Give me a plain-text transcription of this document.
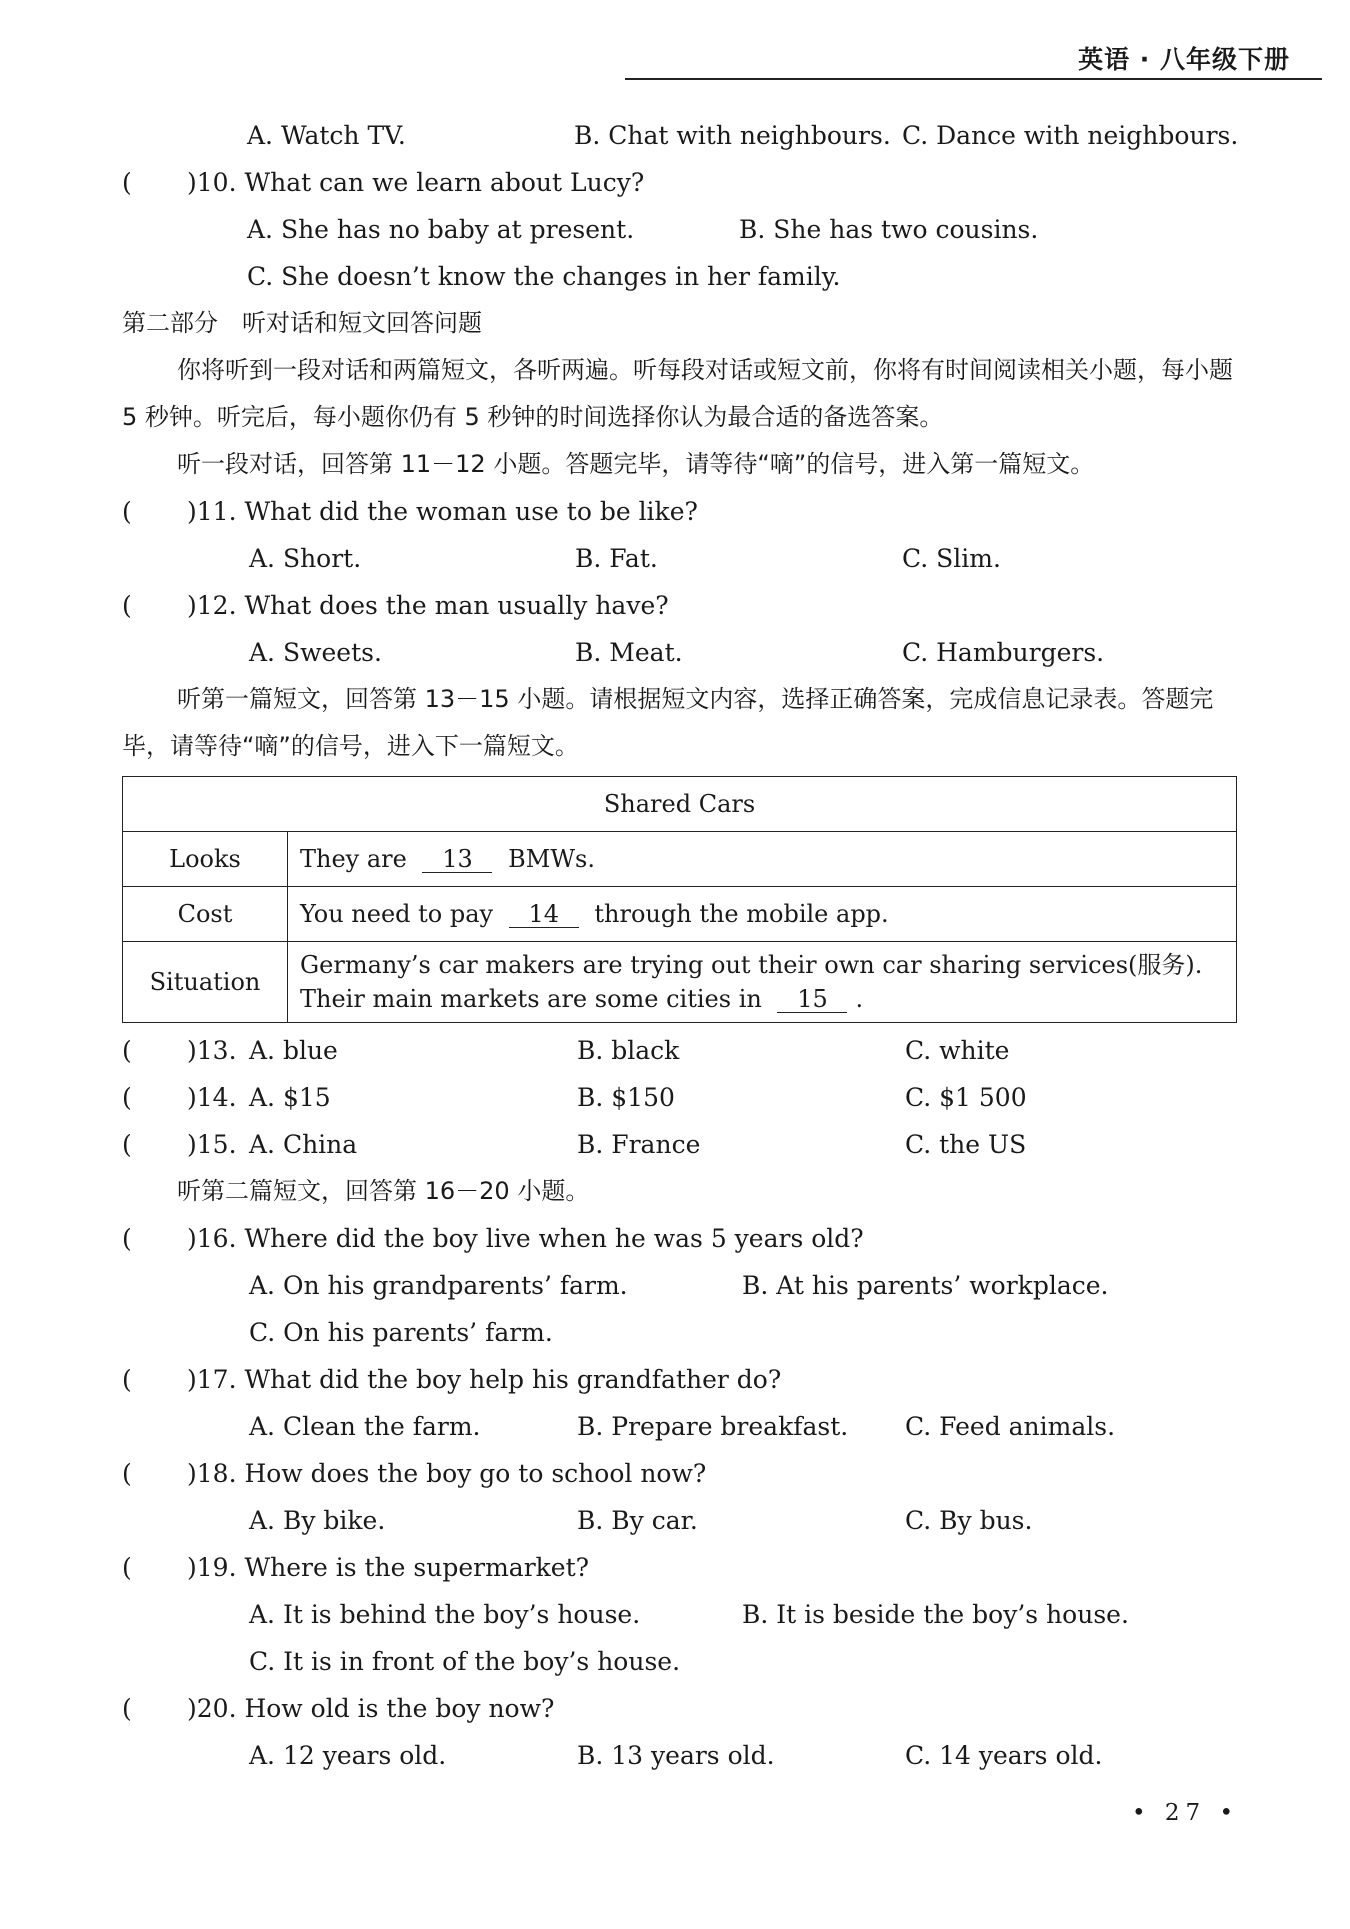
英语 · 八年级下册
A. Watch TV.	B. Chat with neighbours. C. Dance with neighbours.
( )10. What can we learn about Lucy?
A. She has no baby at present.	B. She has two cousins.
C. She doesn’t know the changes in her family.
第二部分　听对话和短文回答问题
你将听到一段对话和两篇短文，各听两遍。听每段对话或短文前，你将有时间阅读相关小题，每小题 5 秒钟。听完后，每小题你仍有 5 秒钟的时间选择你认为最合适的备选答案。
听一段对话，回答第 11－12 小题。答题完毕，请等待“嘀”的信号，进入第一篇短文。
( )11. What did the woman use to be like?
A. Short.	B. Fat.	C. Slim.
( )12. What does the man usually have?
A. Sweets.	B. Meat.	C. Hamburgers.
听第一篇短文，回答第 13－15 小题。请根据短文内容，选择正确答案，完成信息记录表。答题完毕，请等待“嘀”的信号，进入下一篇短文。
Shared Cars	
Looks	They are 13 BMWs.
Cost	You need to pay 14 through the mobile app.
Situation	Germany’s car makers are trying out their own car sharing services(服务).
Their main markets are some cities in 15 .
( )13. A. blue	B. black	C. white
( )14. A. $15	B. $150	C. $1 500
( )15. A. China	B. France	C. the US
听第二篇短文，回答第 16－20 小题。
( )16. Where did the boy live when he was 5 years old?
A. On his grandparents’ farm.	B. At his parents’ workplace.
C. On his parents’ farm.
( )17. What did the boy help his grandfather do?
A. Clean the farm.	B. Prepare breakfast. C. Feed animals.
( )18. How does the boy go to school now?
A. By bike.	B. By car.	C. By bus.
( )19. Where is the supermarket?
A. It is behind the boy’s house.	B. It is beside the boy’s house.
C. It is in front of the boy’s house.
( )20. How old is the boy now?
A. 12 years old.	B. 13 years old.	C. 14 years old.
• 27 •
